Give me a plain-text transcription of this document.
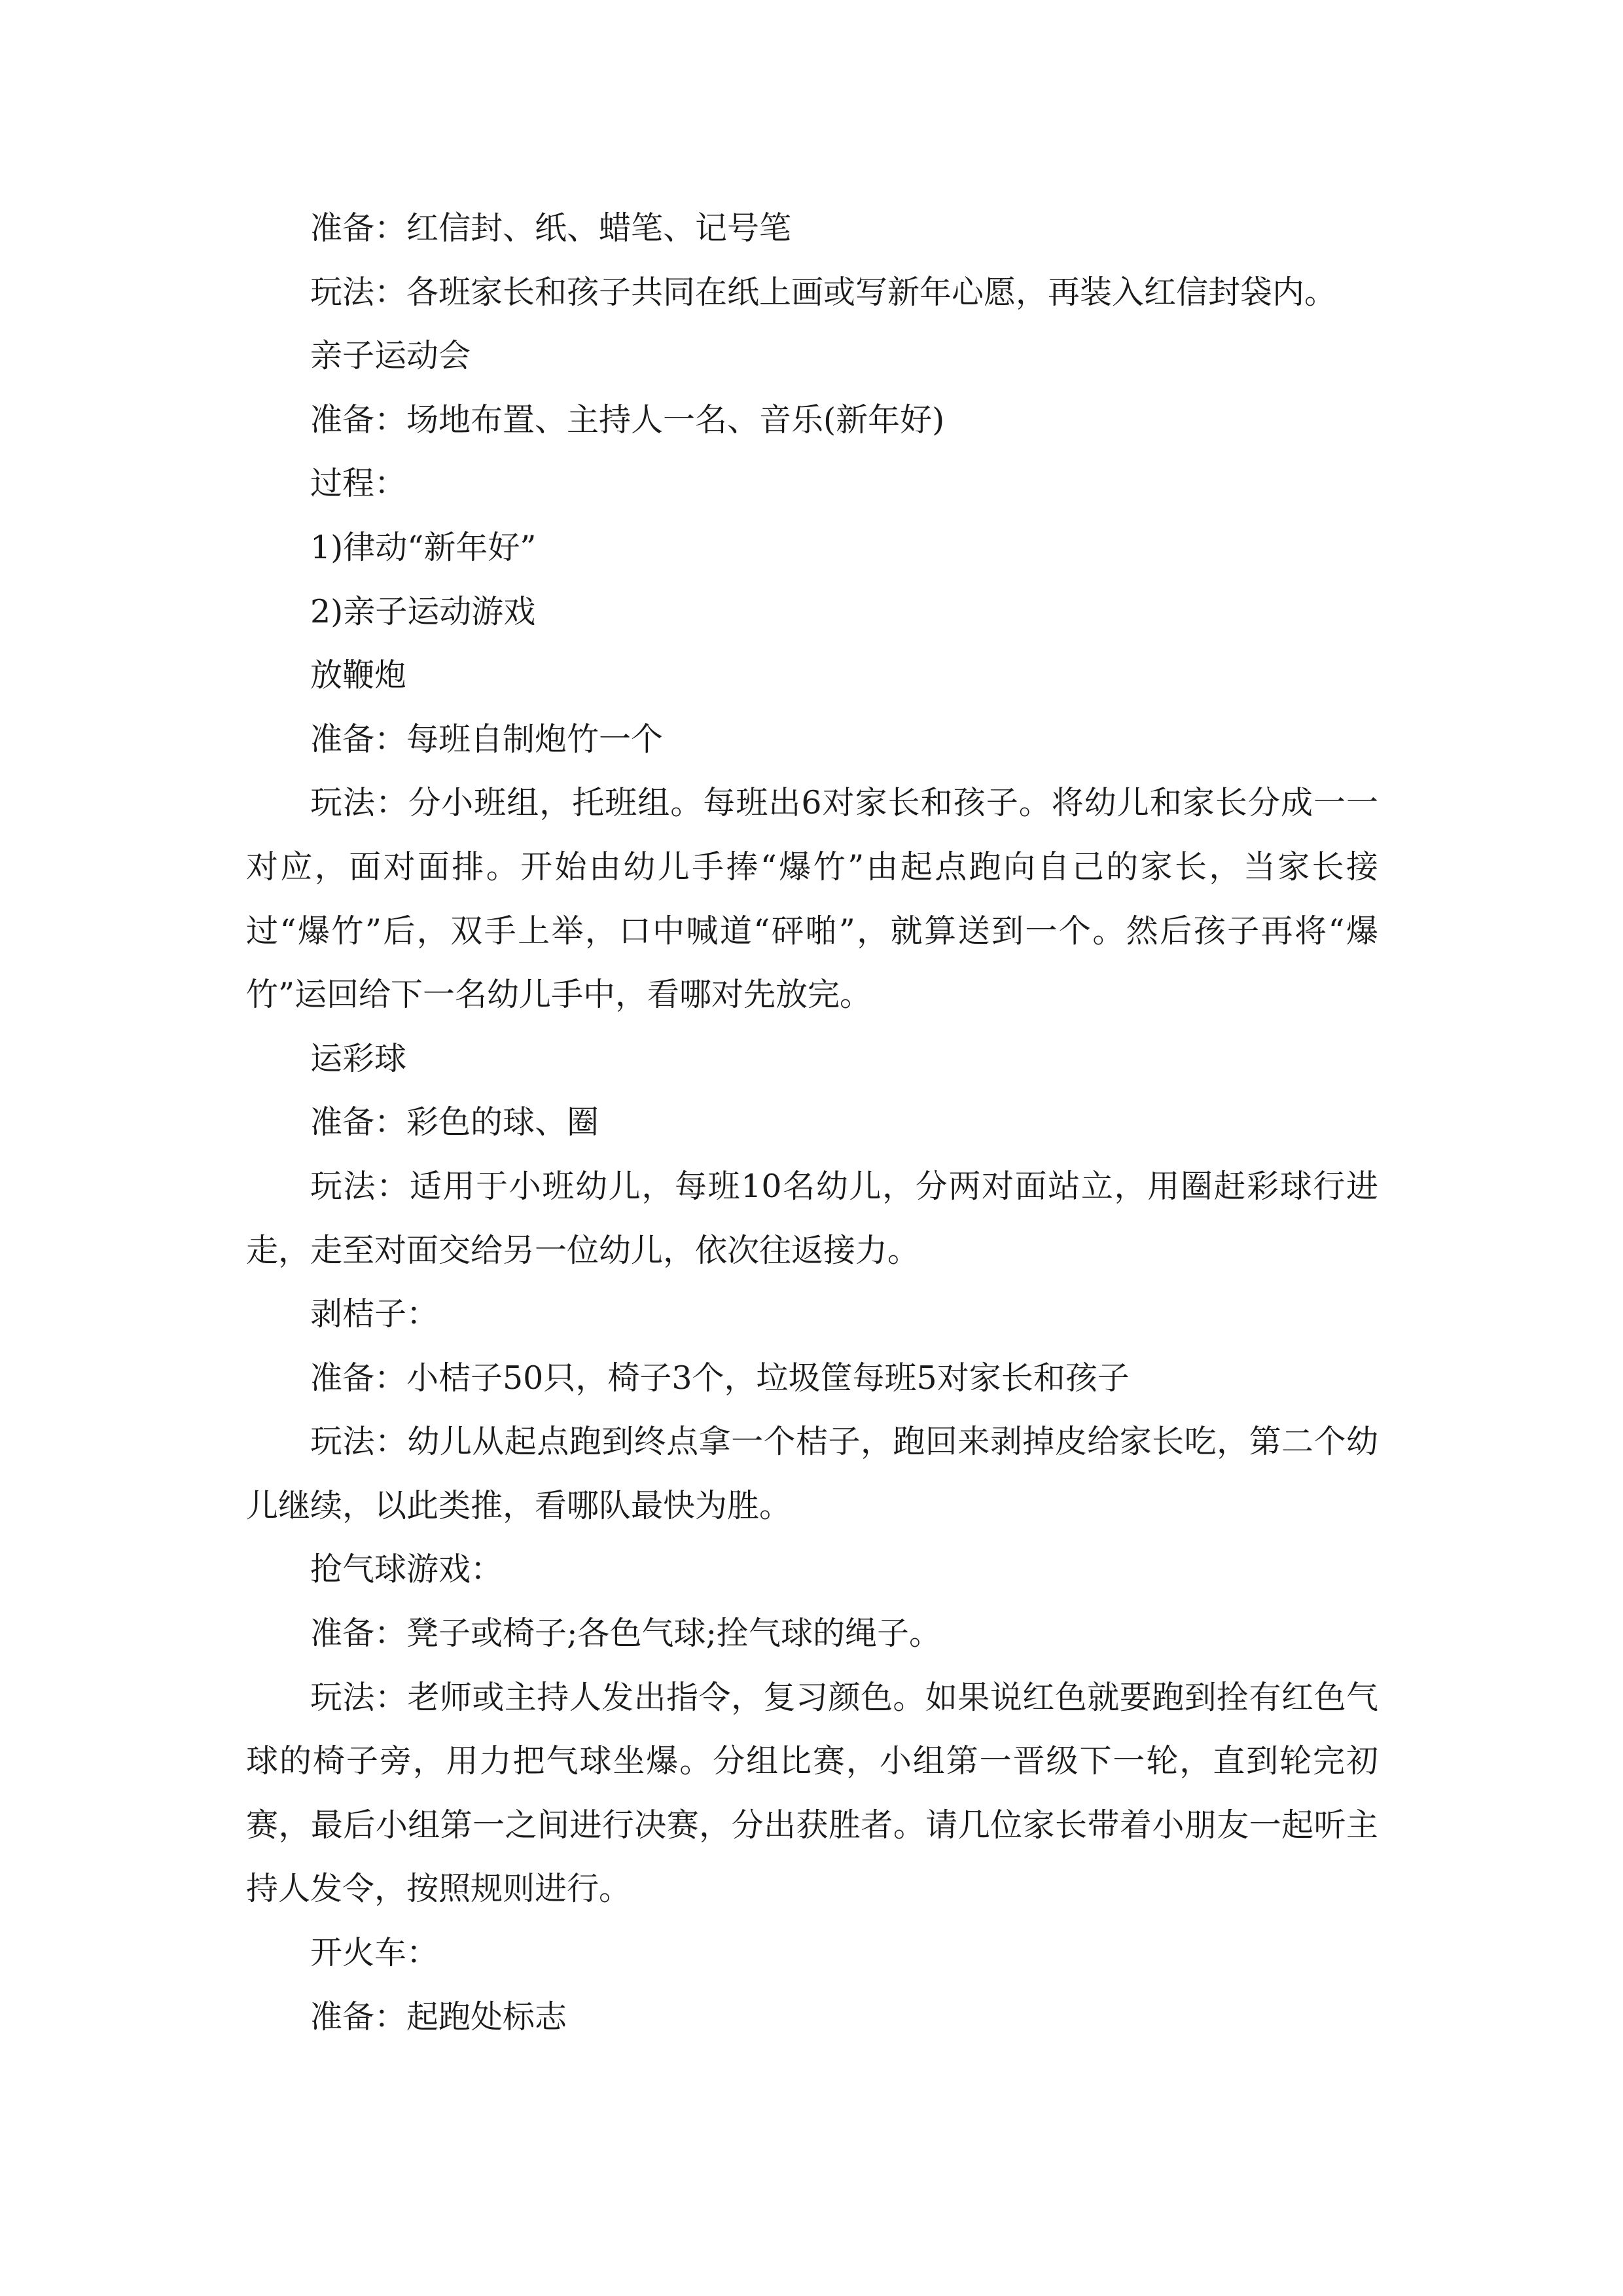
准备：红信封、纸、蜡笔、记号笔

玩法：各班家长和孩子共同在纸上画或写新年心愿，再装入红信封袋内。

亲子运动会

准备：场地布置、主持人一名、音乐(新年好)

过程：

1)律动“新年好”

2)亲子运动游戏

放鞭炮

准备：每班自制炮竹一个

玩法：分小班组，托班组。每班出6对家长和孩子。将幼儿和家长分成一一对应，面对面排。开始由幼儿手捧“爆竹”由起点跑向自己的家长，当家长接过“爆竹”后，双手上举，口中喊道“砰啪”，就算送到一个。然后孩子再将“爆竹”运回给下一名幼儿手中，看哪对先放完。

运彩球

准备：彩色的球、圈

玩法：适用于小班幼儿，每班10名幼儿，分两对面站立，用圈赶彩球行进走，走至对面交给另一位幼儿，依次往返接力。

剥桔子：

准备：小桔子50只，椅子3个，垃圾筐每班5对家长和孩子

玩法：幼儿从起点跑到终点拿一个桔子，跑回来剥掉皮给家长吃，第二个幼儿继续，以此类推，看哪队最快为胜。

抢气球游戏：

准备：凳子或椅子;各色气球;拴气球的绳子。

玩法：老师或主持人发出指令，复习颜色。如果说红色就要跑到拴有红色气球的椅子旁，用力把气球坐爆。分组比赛，小组第一晋级下一轮，直到轮完初赛，最后小组第一之间进行决赛，分出获胜者。请几位家长带着小朋友一起听主持人发令，按照规则进行。

开火车：

准备：起跑处标志
